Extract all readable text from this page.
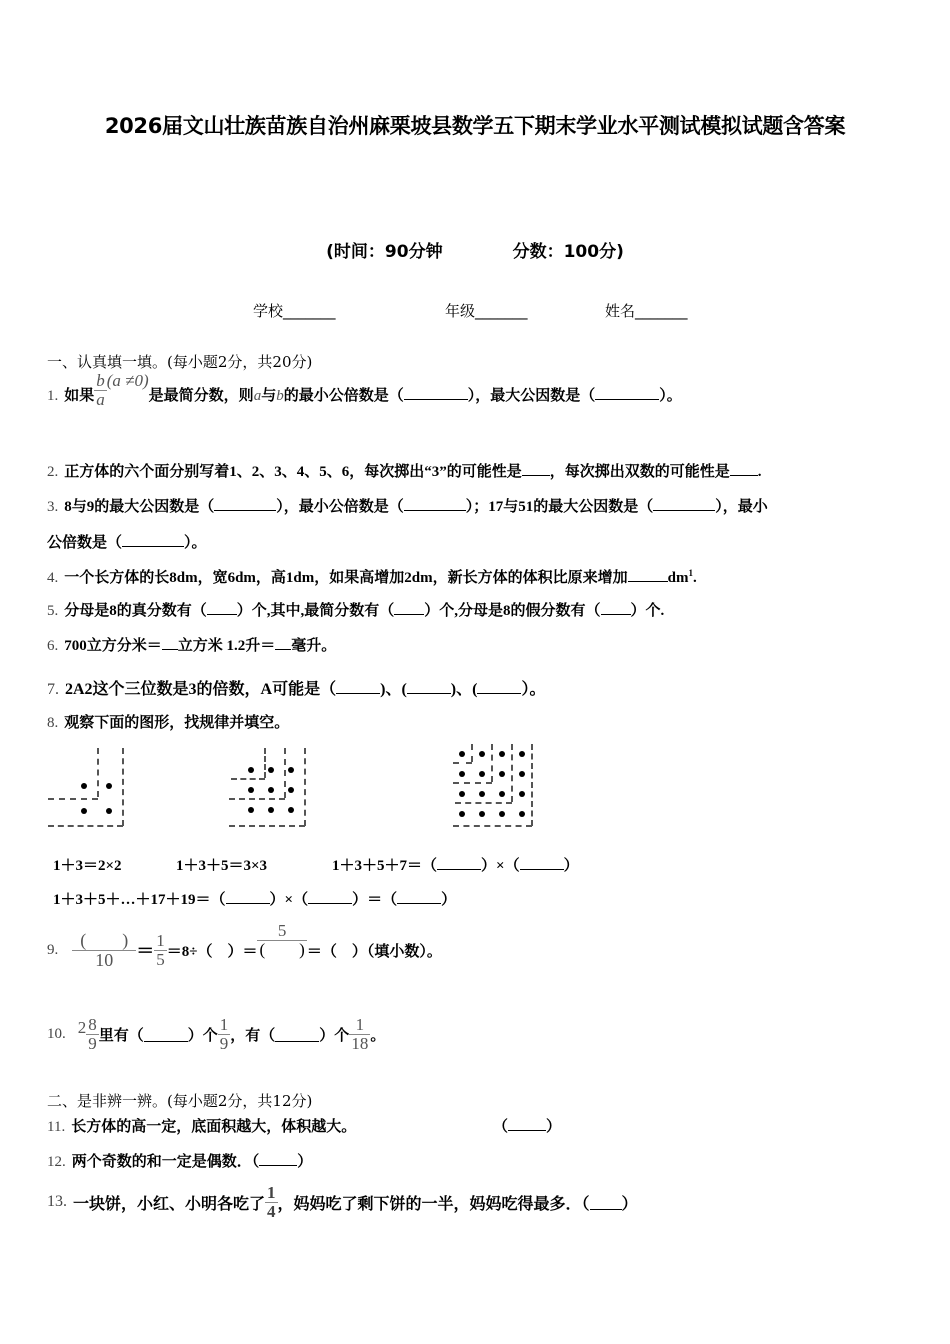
2026届文山壮族苗族自治州麻栗坡县数学五下期末学业水平测试模拟试题含答案
(时间：90分钟	分数：100分)
学校_______	年级_______	姓名_______
一、认真填一填。(每小题2分，共20分)
1. 如果 $\frac{b}{a} (a \ne 0)$是最简分数，则a与b的最小公倍数是（	），最大公因数是（	）。
2. 正方体的六个面分别写着1、2、3、4、5、6，每次掷出“3”的可能性是 ，每次掷出双数的可能性是 .
3. 8与9的最大公因数是（	），最小公倍数是（	）；17与51的最大公因数是（	），最小
公倍数是（	）。
4. 一个长方体的长8dm，宽6dm，高1dm，如果高增加2dm，新长方体的体积比原来增加	$dm^1$.
5. 分母是8的真分数有（ ）个,其中,最简分数有（ ）个,分母是8的假分数有（ ）个.
6. 700立方分米＝ 立方米 1.2升＝ 毫升。
7. 2A2这个三位数是3的倍数，A可能是（	)、(	)、(	）。
8. 观察下面的图形，找规律并填空。
1＋3＝2×2	1＋3＋5＝3×3	1＋3＋5＋7＝（	）×（	）
1＋3＋5＋…＋17＋19＝（	）×（	）＝（	）
9. $\frac{( )}{10} = \frac{1}{5} =8\div$（　）＝ $\frac{5}{( )}$ ＝（　）（填小数）。
10. $2 \frac{8}{9}$ 里有（	）个 $\frac{1}{9}$ ，有（	）个 $\frac{1}{18}$ 。
二、是非辨一辨。(每小题2分，共12分)
11. 长方体的高一定，底面积越大，体积越大。	（	）
12. 两个奇数的和一定是偶数．（	）
13. 一块饼，小红、小明各吃了 $\frac{1}{4}$ ，妈妈吃了剩下饼的一半，妈妈吃得最多．（ ）
